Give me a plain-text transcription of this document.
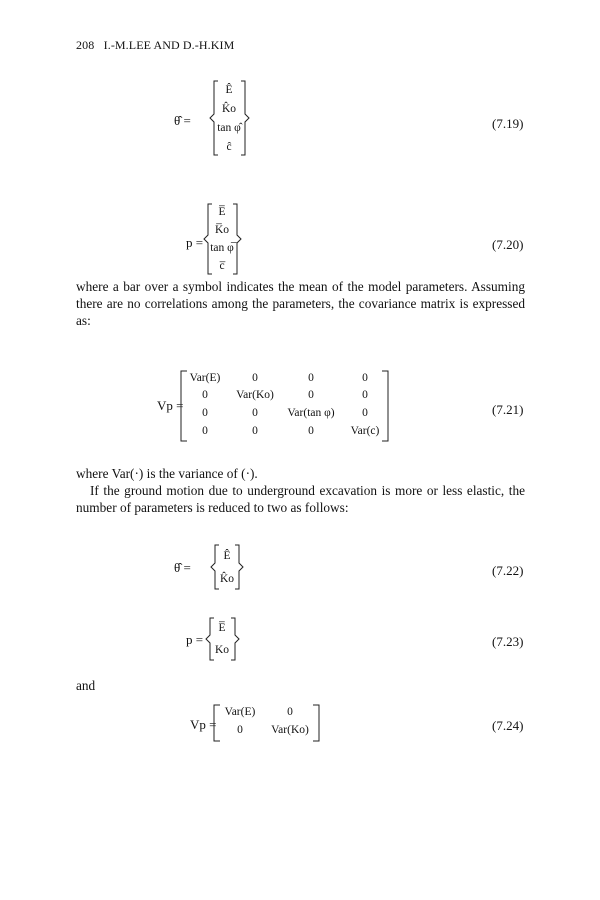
208 I.-M.LEE AND D.-H.KIM
θ̂ =
Ê
K̂o
tan φ̂
ĉ
(7.19)
p =
E̅
K̅o
tan φ̅
c̅
(7.20)

where a bar over a symbol indicates the mean of the model parameters. Assuming there are no correlations among the parameters, the covariance matrix is expressed as:

Vp =
Var(E)	0	0	0
0 Var(Ko)	0	0
0	0	Var(tan φ) 0
0	0	0	Var(c)
(7.21)

where Var(·) is the variance of (·).

If the ground motion due to underground excavation is more or less elastic, the number of parameters is reduced to two as follows:

θ̂ =
Ê
K̂o
(7.22)
p =
E̅
Ko
(7.23)

and

Vp =
Var(E)	0
0 Var(Ko)	(7.24)
